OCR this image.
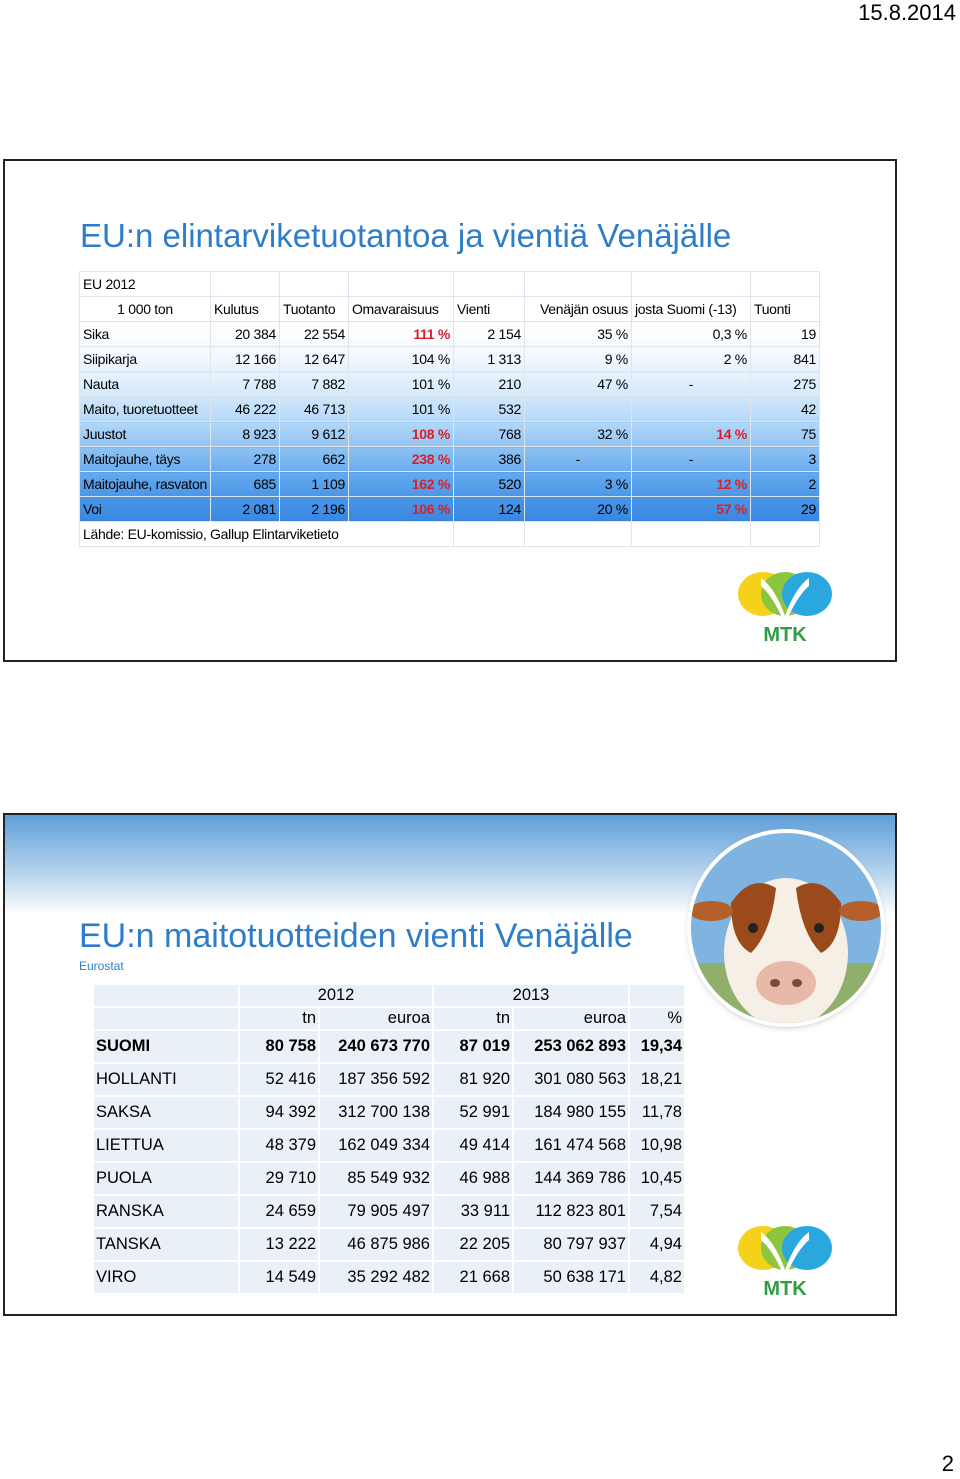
15.8.2014
EU:n elintarviketuotantoa ja vientiä Venäjälle
EU 2012							
1 000 ton	Kulutus	Tuotanto	Omavaraisuus	Vienti	Venäjän osuus	josta Suomi (-13)	Tuonti
Sika	20 384	22 554	111 %	2 154	35 %	0,3 %	19
Siipikarja	12 166	12 647	104 %	1 313	9 %	2 %	841
Nauta	7 788	7 882	101 %	210	47 %	-	275
Maito, tuoretuotteet	46 222	46 713	101 %	532			42
Juustot	8 923	9 612	108 %	768	32 %	14 %	75
Maitojauhe, täys	278	662	238 %	386	-	-	3
Maitojauhe, rasvaton	685	1 109	162 %	520	3 %	12 %	2
Voi	2 081	2 196	106 %	124	20 %	57 %	29
Lähde: EU-komissio, Gallup Elintarviketieto							
MTK
EU:n maitotuotteiden vienti Venäjälle
Eurostat
	2012		2013		
	tn	euroa	tn	euroa	%
SUOMI	80 758	240 673 770	87 019	253 062 893	19,34
HOLLANTI	52 416	187 356 592	81 920	301 080 563	18,21
SAKSA	94 392	312 700 138	52 991	184 980 155	11,78
LIETTUA	48 379	162 049 334	49 414	161 474 568	10,98
PUOLA	29 710	85 549 932	46 988	144 369 786	10,45
RANSKA	24 659	79 905 497	33 911	112 823 801	7,54
TANSKA	13 222	46 875 986	22 205	80 797 937	4,94
VIRO	14 549	35 292 482	21 668	50 638 171	4,82
MTK
2
